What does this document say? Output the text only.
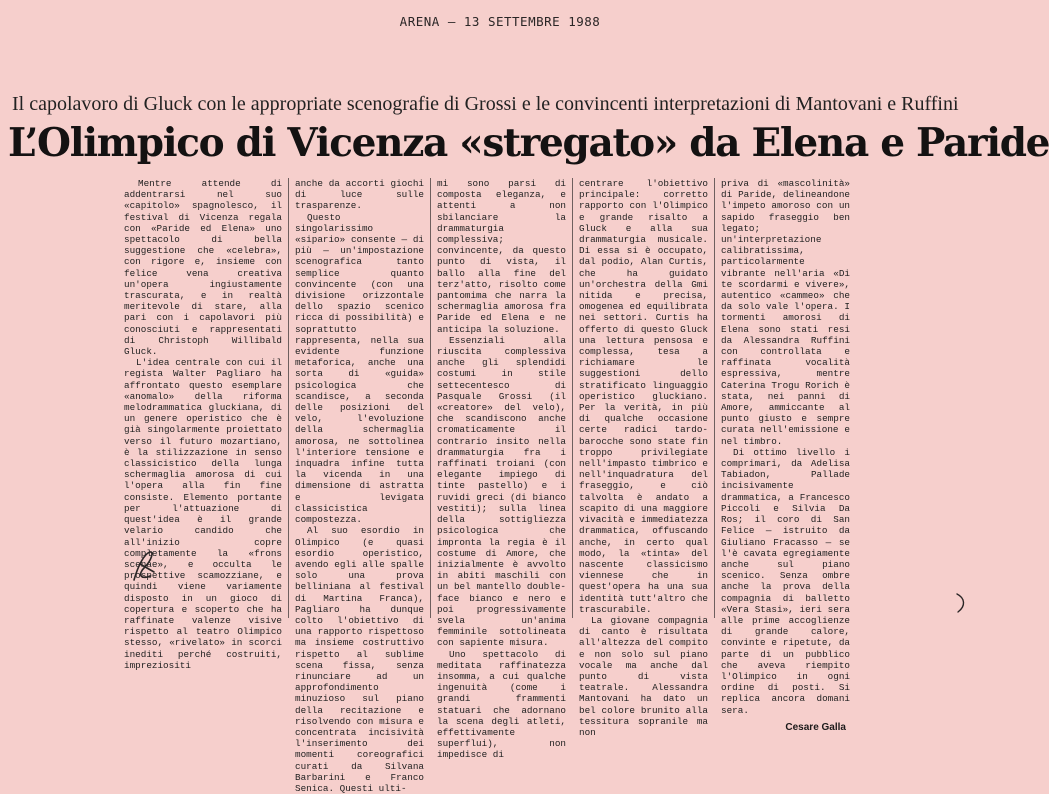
ARENA — 13 SETTEMBRE 1988
Il capolavoro di Gluck con le appropriate scenografie di Grossi e le convincenti interpretazioni di Mantovani e Ruffini
L’Olimpico di Vicenza «stregato» da Elena e Paride

Mentre attende di addentrarsi nel suo «capitolo» spagnolesco, il festival di Vicenza regala con «Paride ed Elena» uno spettacolo di bella suggestione che «celebra», con rigore e, insieme con felice vena creativa un'opera ingiustamente trascurata, e in realtà meritevole di stare, alla pari con i capolavori più conosciuti e rappresentati di Christoph Willibald Gluck.

L'idea centrale con cui il regista Walter Pagliaro ha affrontato questo esemplare «anomalo» della riforma melodrammatica gluckiana, di un genere operistico che è già singolarmente proiettato verso il futuro mozartiano, è la stilizzazione in senso classicistico della lunga schermaglia amorosa di cui l'opera alla fin fine consiste. Elemento portante per l'attuazione di quest'idea è il grande velario candido che all'inizio copre completamente la «frons scenae», e occulta le prospettive scamozziane, e quindi viene variamente disposto in un gioco di copertura e scoperto che ha raffinate valenze visive rispetto al teatro Olimpico stesso, «rivelato» in scorci inediti perché costruiti, impreziositi

anche da accorti giochi di luce sulle trasparenze.

Questo singolarissimo «sipario» consente — di più — un'impostazione scenografica tanto semplice quanto convincente (con una divisione orizzontale dello spazio scenico ricca di possibilità) e soprattutto rappresenta, nella sua evidente funzione metaforica, anche una sorta di «guida» psicologica che scandisce, a seconda delle posizioni del velo, l'evoluzione della schermaglia amorosa, ne sottolinea l'interiore tensione e inquadra infine tutta la vicenda in una dimensione di astratta e levigata classicistica compostezza.

Al suo esordio in Olimpico (e quasi esordio operistico, avendo egli alle spalle solo una prova belliniana al festival di Martina Franca), Pagliaro ha dunque colto l'obiettivo di una rapporto rispettoso ma insieme costruttivo rispetto al sublime scena fissa, senza rinunciare ad un approfondimento minuzioso sul piano della recitazione e risolvendo con misura e concentrata incisività l'inserimento dei momenti coreografici curati da Silvana Barbarini e Franco Senica. Questi ulti-

mi sono parsi di composta eleganza, e attenti a non sbilanciare la drammaturgia complessiva; convincente, da questo punto di vista, il ballo alla fine del terz'atto, risolto come pantomima che narra la schermaglia amorosa fra Paride ed Elena e ne anticipa la soluzione.

Essenziali alla riuscita complessiva anche gli splendidi costumi in stile settecentesco di Pasquale Grossi (il «creatore» del velo), che scandiscono anche cromaticamente il contrario insito nella drammaturgia fra i raffinati troiani (con elegante impiego di tinte pastello) e i ruvidi greci (di bianco vestiti); sulla linea della sottigliezza psicologica che impronta la regia è il costume di Amore, che inizialmente è avvolto in abiti maschili con un bel mantello double-face bianco e nero e poi progressivamente svela un'anima femminile sottolineata con sapiente misura.

Uno spettacolo di meditata raffinatezza insomma, a cui qualche ingenuità (come i grandi frammenti statuari che adornano la scena degli atleti, effettivamente superflui), non impedisce di

centrare l'obiettivo principale: corretto rapporto con l'Olimpico e grande risalto a Gluck e alla sua drammaturgia musicale. Di essa si è occupato, dal podio, Alan Curtis, che ha guidato un'orchestra della Gmi nitida e precisa, omogenea ed equilibrata nei settori. Curtis ha offerto di questo Gluck una lettura pensosa e complessa, tesa a richiamare le suggestioni dello stratificato linguaggio operistico gluckiano. Per la verità, in più di qualche occasione certe radici tardo-barocche sono state fin troppo privilegiate nell'impasto timbrico e nell'inquadratura del fraseggio, e ciò talvolta è andato a scapito di una maggiore vivacità e immediatezza drammatica, offuscando anche, in certo qual modo, la «tinta» del nascente classicismo viennese che in quest'opera ha una sua identità tutt'altro che trascurabile.

La giovane compagnia di canto è risultata all'altezza del compito e non solo sul piano vocale ma anche dal punto di vista teatrale. Alessandra Mantovani ha dato un bel colore brunito alla tessitura sopranile ma non

priva di «mascolinità» di Paride, delineandone l'impeto amoroso con un sapido fraseggio ben legato; un'interpretazione calibratissima, particolarmente vibrante nell'aria «Di te scordarmi e vivere», autentico «cammeo» che da solo vale l'opera. I tormenti amorosi di Elena sono stati resi da Alessandra Ruffini con controllata e raffinata vocalità espressiva, mentre Caterina Trogu Rorich è stata, nei panni di Amore, ammiccante al punto giusto e sempre curata nell'emissione e nel timbro.

Di ottimo livello i comprimari, da Adelisa Tabiadon, Pallade incisivamente drammatica, a Francesco Piccoli e Silvia Da Ros; il coro di San Felice — istruito da Giuliano Fracasso — se l'è cavata egregiamente anche sul piano scenico. Senza ombre anche la prova della compagnia di balletto «Vera Stasi», ieri sera alle prime accoglienze di grande calore, convinte e ripetute, da parte di un pubblico che aveva riempito l'Olimpico in ogni ordine di posti. Si replica ancora domani sera.

Cesare Galla
